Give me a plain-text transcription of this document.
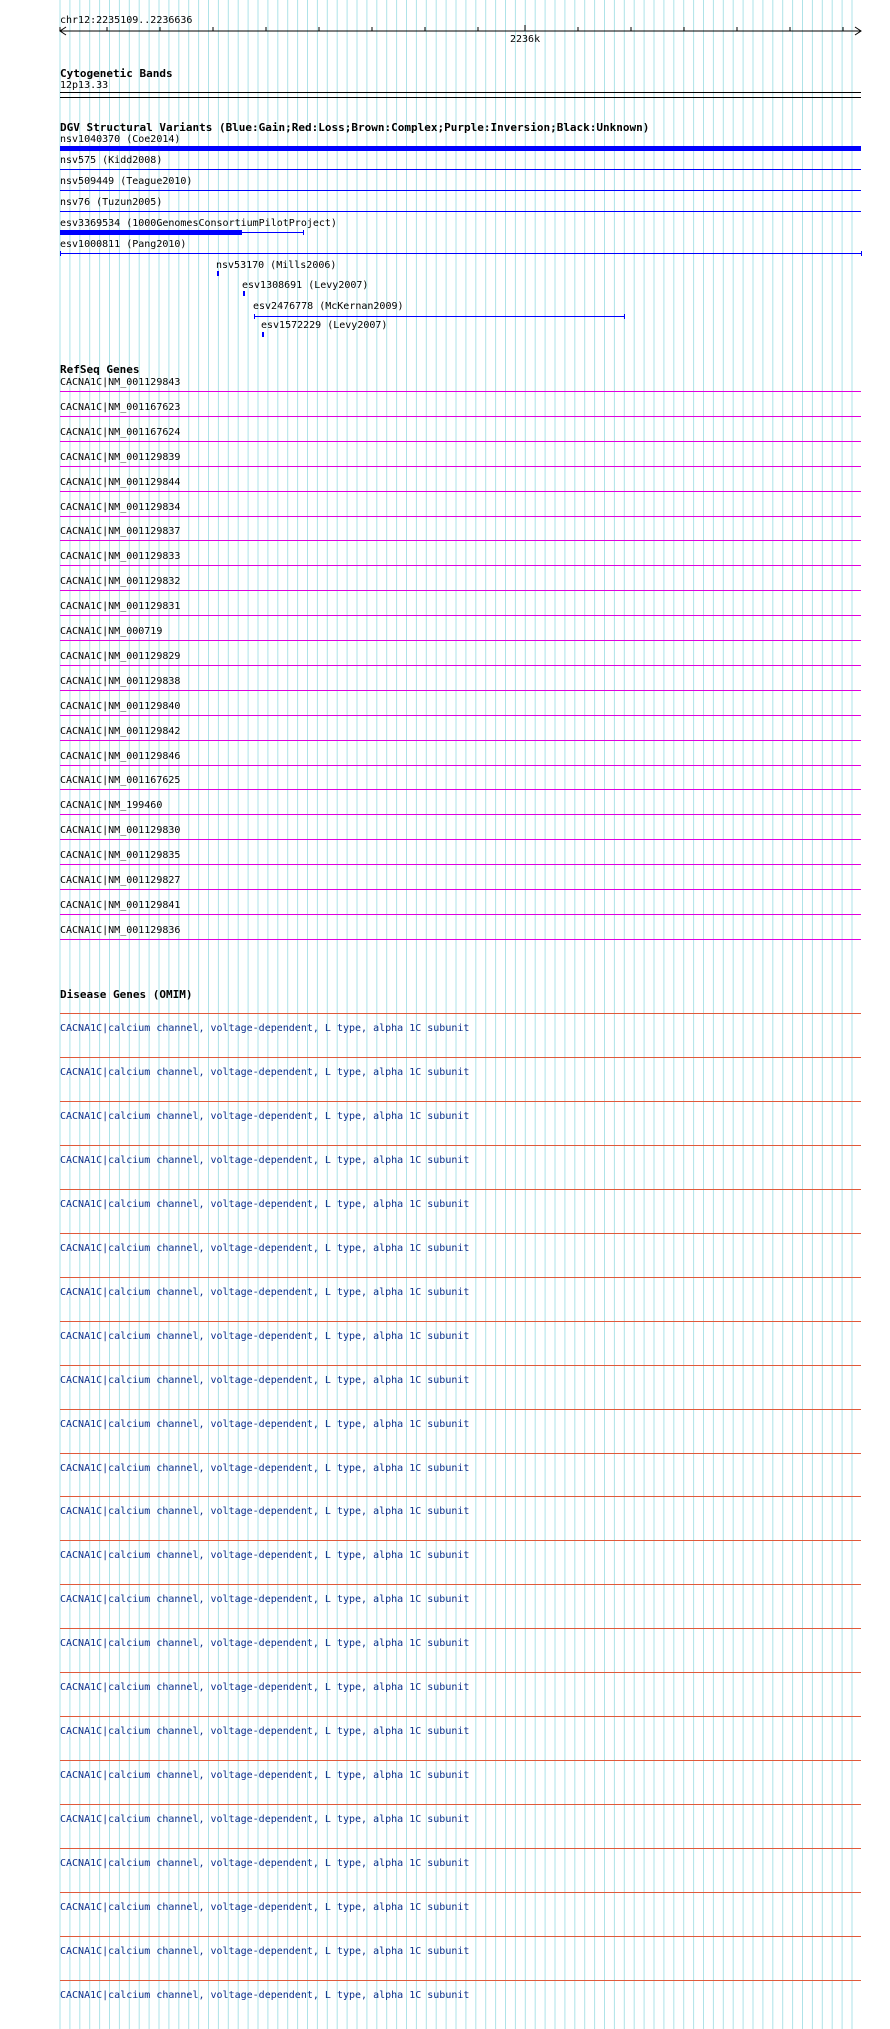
chr12:2235109..2236636
2236k
Cytogenetic Bands
12p13.33
DGV Structural Variants (Blue:Gain;Red:Loss;Brown:Complex;Purple:Inversion;Black:Unknown)
nsv1040370 (Coe2014)
nsv575 (Kidd2008)
nsv509449 (Teague2010)
nsv76 (Tuzun2005)
esv3369534 (1000GenomesConsortiumPilotProject)
esv1000811 (Pang2010)
nsv53170 (Mills2006)
esv1308691 (Levy2007)
esv2476778 (McKernan2009)
esv1572229 (Levy2007)
RefSeq Genes
CACNA1C|NM_001129843
CACNA1C|NM_001167623
CACNA1C|NM_001167624
CACNA1C|NM_001129839
CACNA1C|NM_001129844
CACNA1C|NM_001129834
CACNA1C|NM_001129837
CACNA1C|NM_001129833
CACNA1C|NM_001129832
CACNA1C|NM_001129831
CACNA1C|NM_000719
CACNA1C|NM_001129829
CACNA1C|NM_001129838
CACNA1C|NM_001129840
CACNA1C|NM_001129842
CACNA1C|NM_001129846
CACNA1C|NM_001167625
CACNA1C|NM_199460
CACNA1C|NM_001129830
CACNA1C|NM_001129835
CACNA1C|NM_001129827
CACNA1C|NM_001129841
CACNA1C|NM_001129836
Disease Genes (OMIM)
CACNA1C|calcium channel, voltage-dependent, L type, alpha 1C subunit
CACNA1C|calcium channel, voltage-dependent, L type, alpha 1C subunit
CACNA1C|calcium channel, voltage-dependent, L type, alpha 1C subunit
CACNA1C|calcium channel, voltage-dependent, L type, alpha 1C subunit
CACNA1C|calcium channel, voltage-dependent, L type, alpha 1C subunit
CACNA1C|calcium channel, voltage-dependent, L type, alpha 1C subunit
CACNA1C|calcium channel, voltage-dependent, L type, alpha 1C subunit
CACNA1C|calcium channel, voltage-dependent, L type, alpha 1C subunit
CACNA1C|calcium channel, voltage-dependent, L type, alpha 1C subunit
CACNA1C|calcium channel, voltage-dependent, L type, alpha 1C subunit
CACNA1C|calcium channel, voltage-dependent, L type, alpha 1C subunit
CACNA1C|calcium channel, voltage-dependent, L type, alpha 1C subunit
CACNA1C|calcium channel, voltage-dependent, L type, alpha 1C subunit
CACNA1C|calcium channel, voltage-dependent, L type, alpha 1C subunit
CACNA1C|calcium channel, voltage-dependent, L type, alpha 1C subunit
CACNA1C|calcium channel, voltage-dependent, L type, alpha 1C subunit
CACNA1C|calcium channel, voltage-dependent, L type, alpha 1C subunit
CACNA1C|calcium channel, voltage-dependent, L type, alpha 1C subunit
CACNA1C|calcium channel, voltage-dependent, L type, alpha 1C subunit
CACNA1C|calcium channel, voltage-dependent, L type, alpha 1C subunit
CACNA1C|calcium channel, voltage-dependent, L type, alpha 1C subunit
CACNA1C|calcium channel, voltage-dependent, L type, alpha 1C subunit
CACNA1C|calcium channel, voltage-dependent, L type, alpha 1C subunit
